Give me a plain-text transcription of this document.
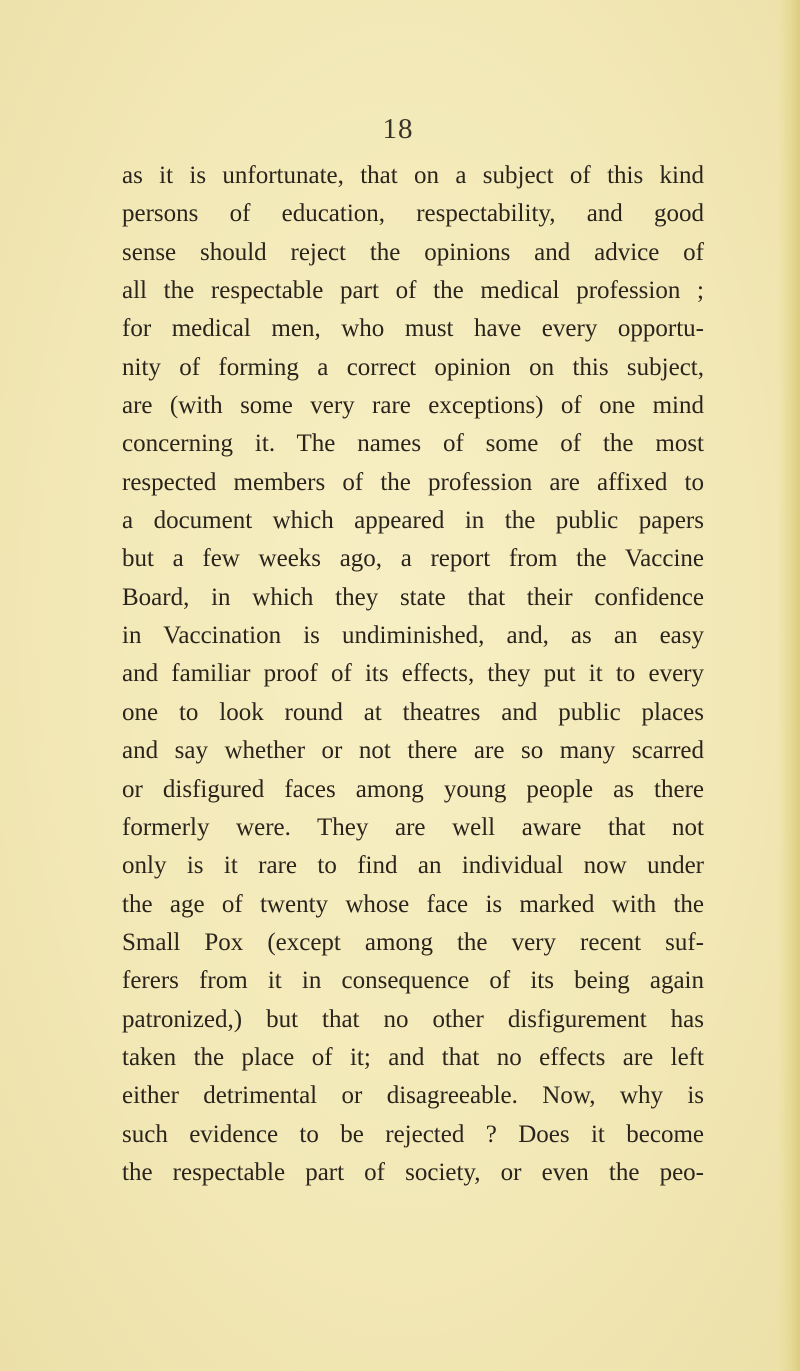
18
as it is unfortunate, that on a subject of this kind
persons of education, respectability, and good
sense should reject the opinions and advice of
all the respectable part of the medical profession ;
for medical men, who must have every opportu-
nity of forming a correct opinion on this subject,
are (with some very rare exceptions) of one mind
concerning it. The names of some of the most
respected members of the profession are affixed to
a document which appeared in the public papers
but a few weeks ago, a report from the Vaccine
Board, in which they state that their confidence
in Vaccination is undiminished, and, as an easy
and familiar proof of its effects, they put it to every
one to look round at theatres and public places
and say whether or not there are so many scarred
or disfigured faces among young people as there
formerly were. They are well aware that not
only is it rare to find an individual now under
the age of twenty whose face is marked with the
Small Pox (except among the very recent suf-
ferers from it in consequence of its being again
patronized,) but that no other disfigurement has
taken the place of it; and that no effects are left
either detrimental or disagreeable. Now, why is
such evidence to be rejected ? Does it become
the respectable part of society, or even the peo-
